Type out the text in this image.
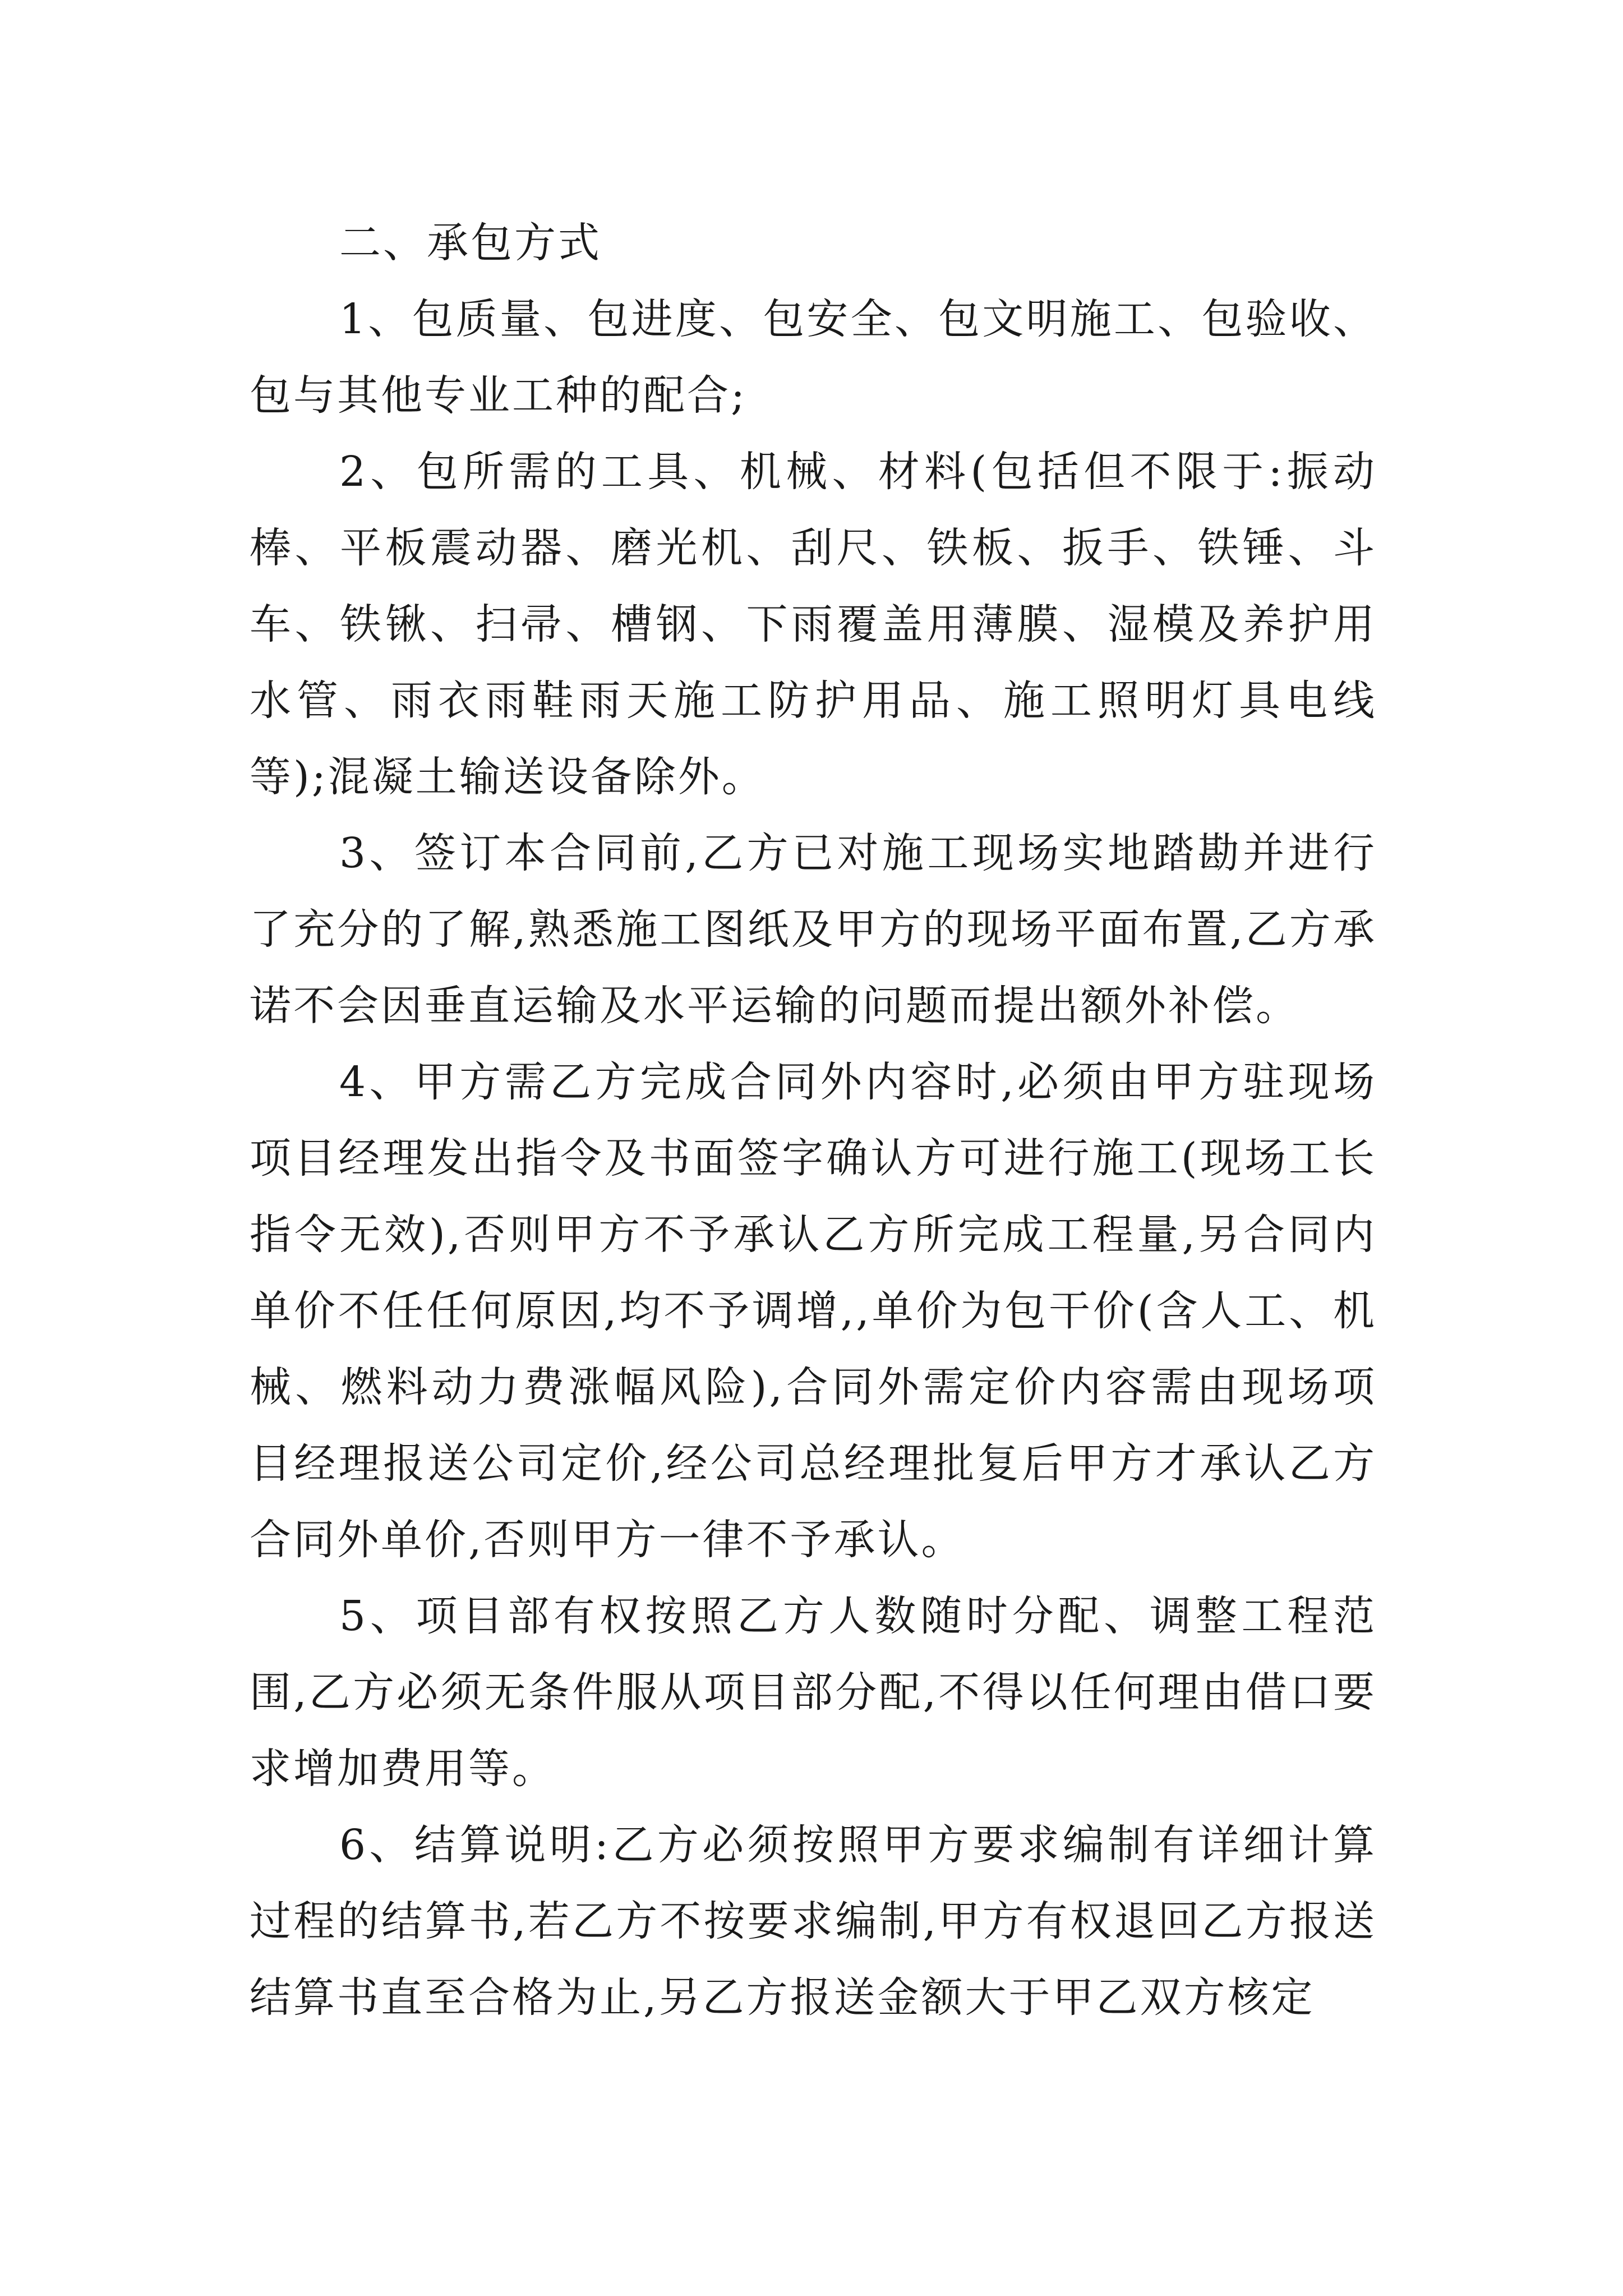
二、承包方式

1、包质量、包进度、包安全、包文明施工、包验收、包与其他专业工种的配合;

2、包所需的工具、机械、材料(包括但不限于:振动棒、平板震动器、磨光机、刮尺、铁板、扳手、铁锤、斗车、铁锹、扫帚、槽钢、下雨覆盖用薄膜、湿模及养护用水管、雨衣雨鞋雨天施工防护用品、施工照明灯具电线等);混凝土输送设备除外。

3、签订本合同前,乙方已对施工现场实地踏勘并进行了充分的了解,熟悉施工图纸及甲方的现场平面布置,乙方承诺不会因垂直运输及水平运输的问题而提出额外补偿。

4、甲方需乙方完成合同外内容时,必须由甲方驻现场项目经理发出指令及书面签字确认方可进行施工(现场工长指令无效),否则甲方不予承认乙方所完成工程量,另合同内单价不任任何原因,均不予调增,,单价为包干价(含人工、机械、燃料动力费涨幅风险),合同外需定价内容需由现场项目经理报送公司定价,经公司总经理批复后甲方才承认乙方合同外单价,否则甲方一律不予承认。

5、项目部有权按照乙方人数随时分配、调整工程范围,乙方必须无条件服从项目部分配,不得以任何理由借口要求增加费用等。

6、结算说明:乙方必须按照甲方要求编制有详细计算过程的结算书,若乙方不按要求编制,甲方有权退回乙方报送结算书直至合格为止,另乙方报送金额大于甲乙双方核定
